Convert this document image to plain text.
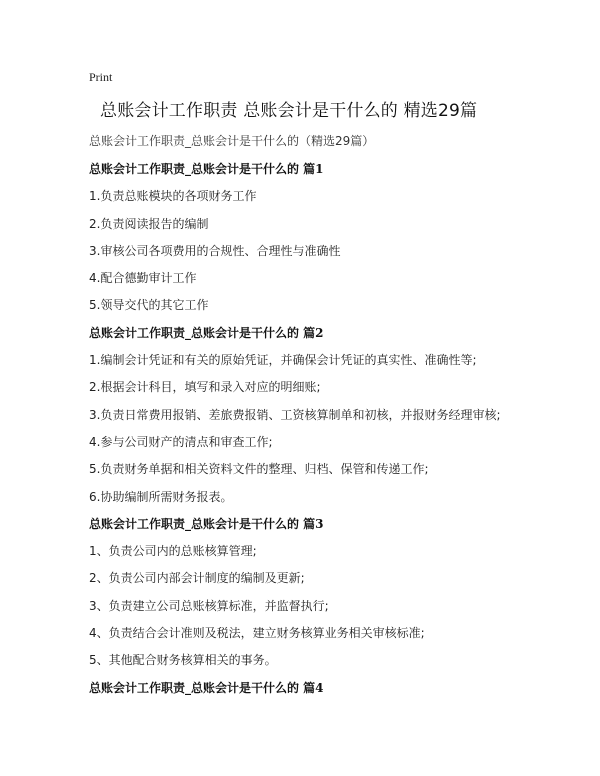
Print

总账会计工作职责 总账会计是干什么的 精选29篇

总账会计工作职责_总账会计是干什么的（精选29篇）

总账会计工作职责_总账会计是干什么的 篇1
1.负责总账模块的各项财务工作
2.负责阅读报告的编制
3.审核公司各项费用的合规性、合理性与准确性
4.配合德勤审计工作
5.领导交代的其它工作
总账会计工作职责_总账会计是干什么的 篇2
1.编制会计凭证和有关的原始凭证，并确保会计凭证的真实性、准确性等;
2.根据会计科目，填写和录入对应的明细账;
3.负责日常费用报销、差旅费报销、工资核算制单和初核，并报财务经理审核;
4.参与公司财产的清点和审查工作;
5.负责财务单据和相关资料文件的整理、归档、保管和传递工作;
6.协助编制所需财务报表。
总账会计工作职责_总账会计是干什么的 篇3
1、负责公司内的总账核算管理;
2、负责公司内部会计制度的编制及更新;
3、负责建立公司总账核算标准，并监督执行;
4、负责结合会计准则及税法，建立财务核算业务相关审核标准;
5、其他配合财务核算相关的事务。
总账会计工作职责_总账会计是干什么的 篇4
